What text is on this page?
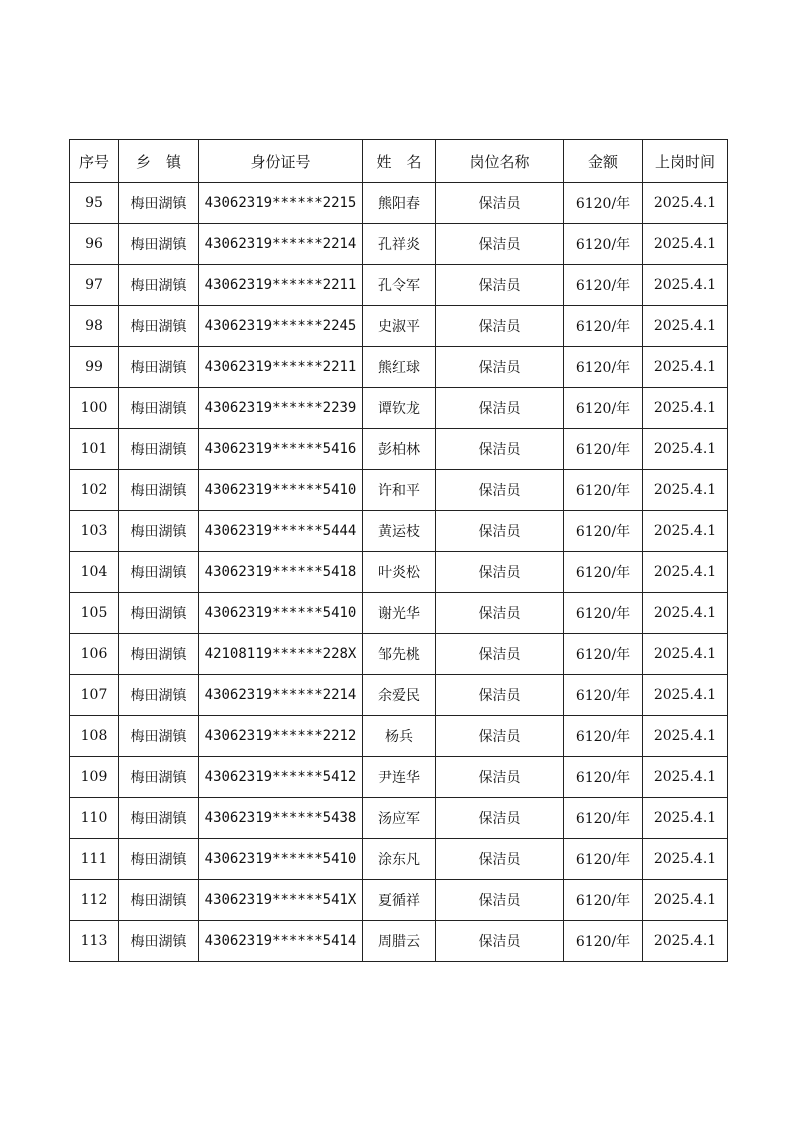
序号	乡　镇	身份证号	姓　名	岗位名称	金额	上岗时间
95	梅田湖镇	43062319******2215	熊阳春	保洁员	6120/年	2025.4.1
96	梅田湖镇	43062319******2214	孔祥炎	保洁员	6120/年	2025.4.1
97	梅田湖镇	43062319******2211	孔令军	保洁员	6120/年	2025.4.1
98	梅田湖镇	43062319******2245	史淑平	保洁员	6120/年	2025.4.1
99	梅田湖镇	43062319******2211	熊红球	保洁员	6120/年	2025.4.1
100	梅田湖镇	43062319******2239	谭钦龙	保洁员	6120/年	2025.4.1
101	梅田湖镇	43062319******5416	彭柏林	保洁员	6120/年	2025.4.1
102	梅田湖镇	43062319******5410	许和平	保洁员	6120/年	2025.4.1
103	梅田湖镇	43062319******5444	黄运枝	保洁员	6120/年	2025.4.1
104	梅田湖镇	43062319******5418	叶炎松	保洁员	6120/年	2025.4.1
105	梅田湖镇	43062319******5410	谢光华	保洁员	6120/年	2025.4.1
106	梅田湖镇	42108119******228X	邹先桃	保洁员	6120/年	2025.4.1
107	梅田湖镇	43062319******2214	余爱民	保洁员	6120/年	2025.4.1
108	梅田湖镇	43062319******2212	杨兵	保洁员	6120/年	2025.4.1
109	梅田湖镇	43062319******5412	尹连华	保洁员	6120/年	2025.4.1
110	梅田湖镇	43062319******5438	汤应军	保洁员	6120/年	2025.4.1
111	梅田湖镇	43062319******5410	涂东凡	保洁员	6120/年	2025.4.1
112	梅田湖镇	43062319******541X	夏循祥	保洁员	6120/年	2025.4.1
113	梅田湖镇	43062319******5414	周腊云	保洁员	6120/年	2025.4.1
